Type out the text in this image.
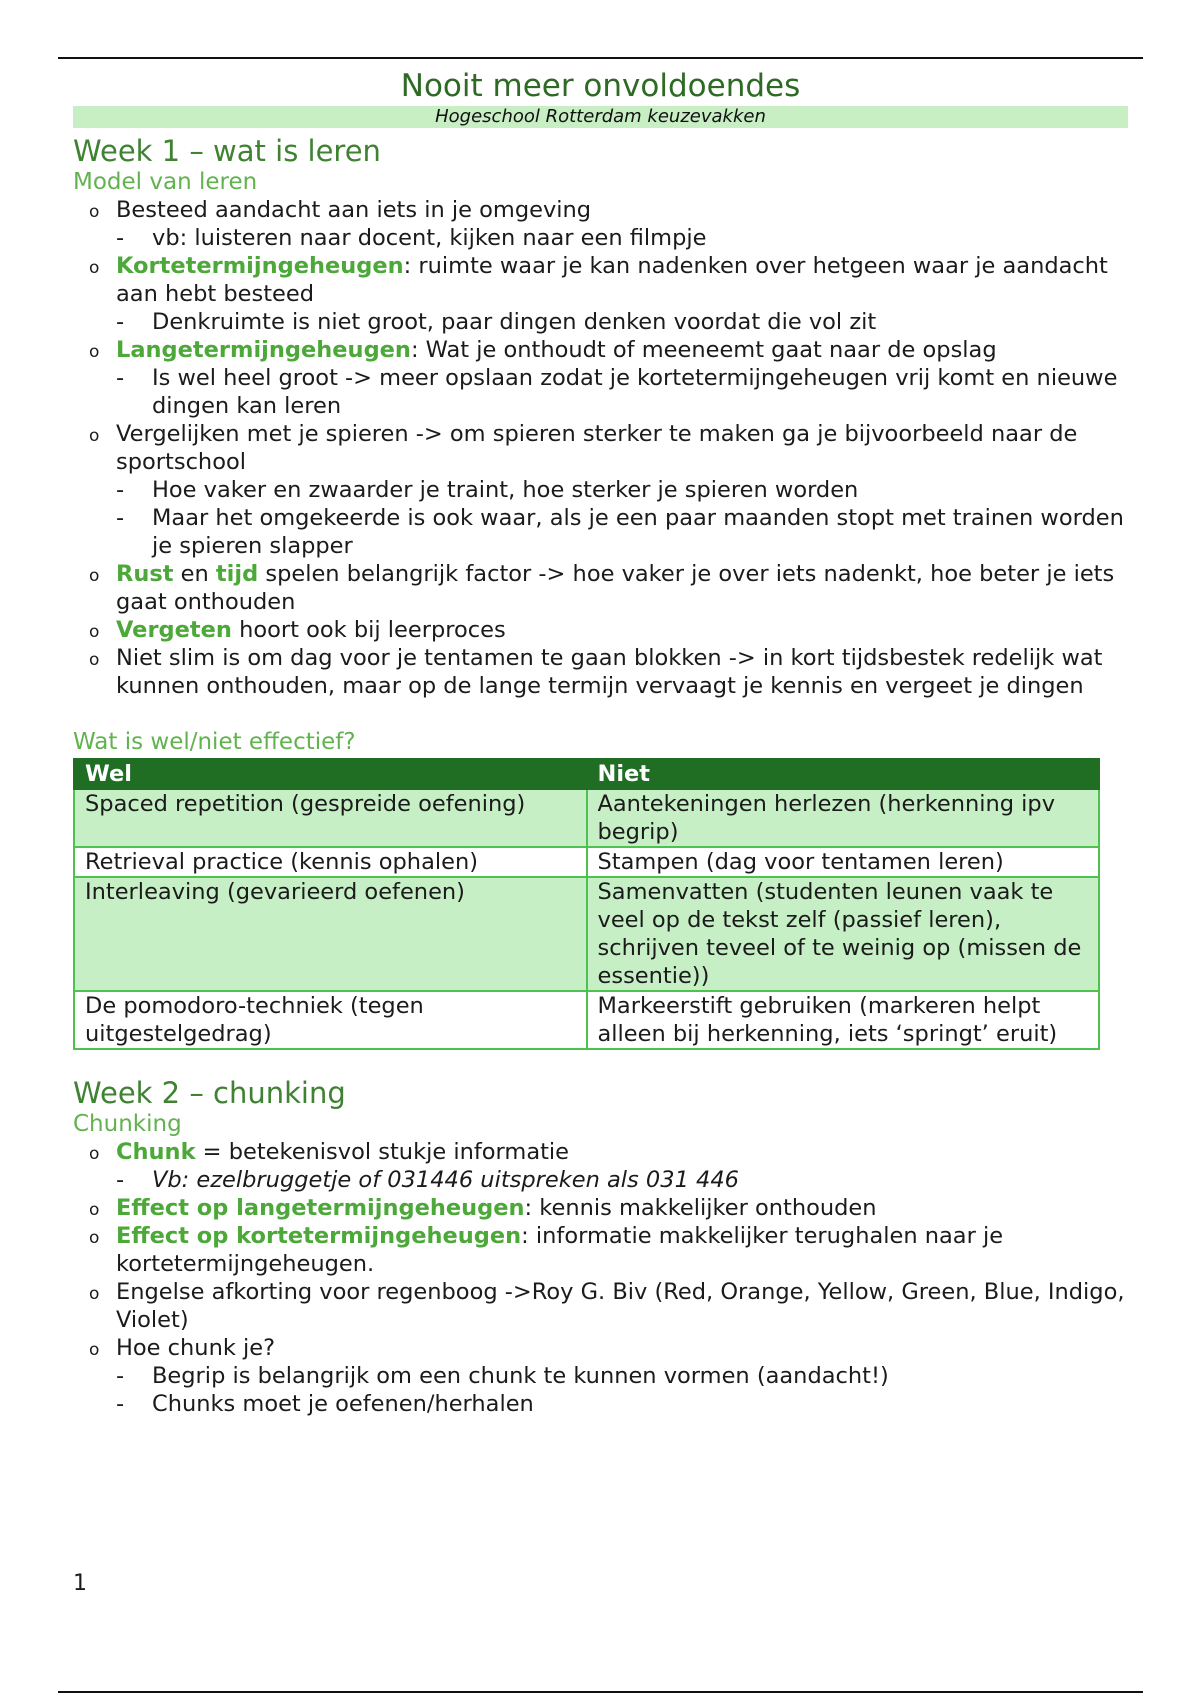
Nooit meer onvoldoendes

Hogeschool Rotterdam keuzevakken

Week 1 – wat is leren

Model van leren

o Besteed aandacht aan iets in je omgeving
- vb: luisteren naar docent, kijken naar een filmpje
o Kortetermijngeheugen: ruimte waar je kan nadenken over hetgeen waar je aandacht aan hebt besteed
- Denkruimte is niet groot, paar dingen denken voordat die vol zit
o Langetermijngeheugen: Wat je onthoudt of meeneemt gaat naar de opslag
- Is wel heel groot -> meer opslaan zodat je kortetermijngeheugen vrij komt en nieuwe dingen kan leren
o Vergelijken met je spieren -> om spieren sterker te maken ga je bijvoorbeeld naar de sportschool
- Hoe vaker en zwaarder je traint, hoe sterker je spieren worden
- Maar het omgekeerde is ook waar, als je een paar maanden stopt met trainen worden je spieren slapper
o Rust en tijd spelen belangrijk factor -> hoe vaker je over iets nadenkt, hoe beter je iets gaat onthouden
o Vergeten hoort ook bij leerproces
o Niet slim is om dag voor je tentamen te gaan blokken -> in kort tijdsbestek redelijk wat kunnen onthouden, maar op de lange termijn vervaagt je kennis en vergeet je dingen

Wat is wel/niet effectief?

Wel	Niet
Spaced repetition (gespreide oefening)	Aantekeningen herlezen (herkenning ipv begrip)
Retrieval practice (kennis ophalen)	Stampen (dag voor tentamen leren)
Interleaving (gevarieerd oefenen)	Samenvatten (studenten leunen vaak te veel op de tekst zelf (passief leren), schrijven teveel of te weinig op (missen de essentie))
De pomodoro-techniek (tegen uitgestelgedrag)	Markeerstift gebruiken (markeren helpt alleen bij herkenning, iets ‘springt’ eruit)

Week 2 – chunking

Chunking

o Chunk = betekenisvol stukje informatie
- Vb: ezelbruggetje of 031446 uitspreken als 031 446
o Effect op langetermijngeheugen: kennis makkelijker onthouden
o Effect op kortetermijngeheugen: informatie makkelijker terughalen naar je kortetermijngeheugen.
o Engelse afkorting voor regenboog ->Roy G. Biv (Red, Orange, Yellow, Green, Blue, Indigo, Violet)
o Hoe chunk je?
- Begrip is belangrijk om een chunk te kunnen vormen (aandacht!)
- Chunks moet je oefenen/herhalen
1
